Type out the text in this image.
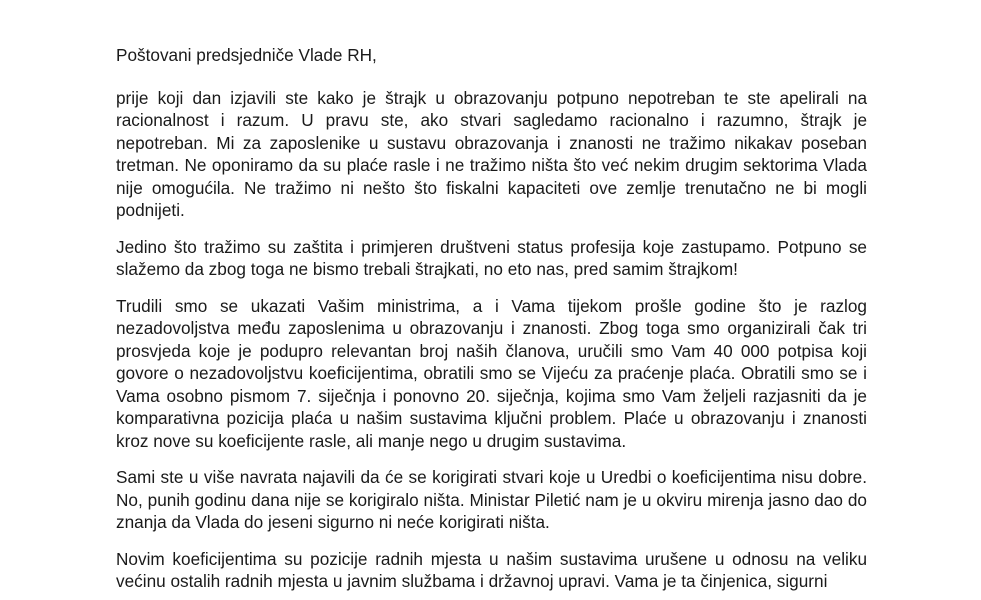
Poštovani predsjedniče Vlade RH,

prije koji dan izjavili ste kako je štrajk u obrazovanju potpuno nepotreban te ste apelirali na racionalnost i razum. U pravu ste, ako stvari sagledamo racionalno i razumno, štrajk je nepotreban. Mi za zaposlenike u sustavu obrazovanja i znanosti ne tražimo nikakav poseban tretman. Ne oponiramo da su plaće rasle i ne tražimo ništa što već nekim drugim sektorima Vlada nije omogućila. Ne tražimo ni nešto što fiskalni kapaciteti ove zemlje trenutačno ne bi mogli podnijeti.

Jedino što tražimo su zaštita i primjeren društveni status profesija koje zastupamo. Potpuno se slažemo da zbog toga ne bismo trebali štrajkati, no eto nas, pred samim štrajkom!

Trudili smo se ukazati Vašim ministrima, a i Vama tijekom prošle godine što je razlog nezadovoljstva među zaposlenima u obrazovanju i znanosti. Zbog toga smo organizirali čak tri prosvjeda koje je podupro relevantan broj naših članova, uručili smo Vam 40 000 potpisa koji govore o nezadovoljstvu koeficijentima, obratili smo se Vijeću za praćenje plaća. Obratili smo se i Vama osobno pismom 7. siječnja i ponovno 20. siječnja, kojima smo Vam željeli razjasniti da je komparativna pozicija plaća u našim sustavima ključni problem. Plaće u obrazovanju i znanosti kroz nove su koeficijente rasle, ali manje nego u drugim sustavima.

Sami ste u više navrata najavili da će se korigirati stvari koje u Uredbi o koeficijentima nisu dobre. No, punih godinu dana nije se korigiralo ništa. Ministar Piletić nam je u okviru mirenja jasno dao do znanja da Vlada do jeseni sigurno ni neće korigirati ništa.

Novim koeficijentima su pozicije radnih mjesta u našim sustavima urušene u odnosu na veliku većinu ostalih radnih mjesta u javnim službama i državnoj upravi. Vama je ta činjenica, sigurni
